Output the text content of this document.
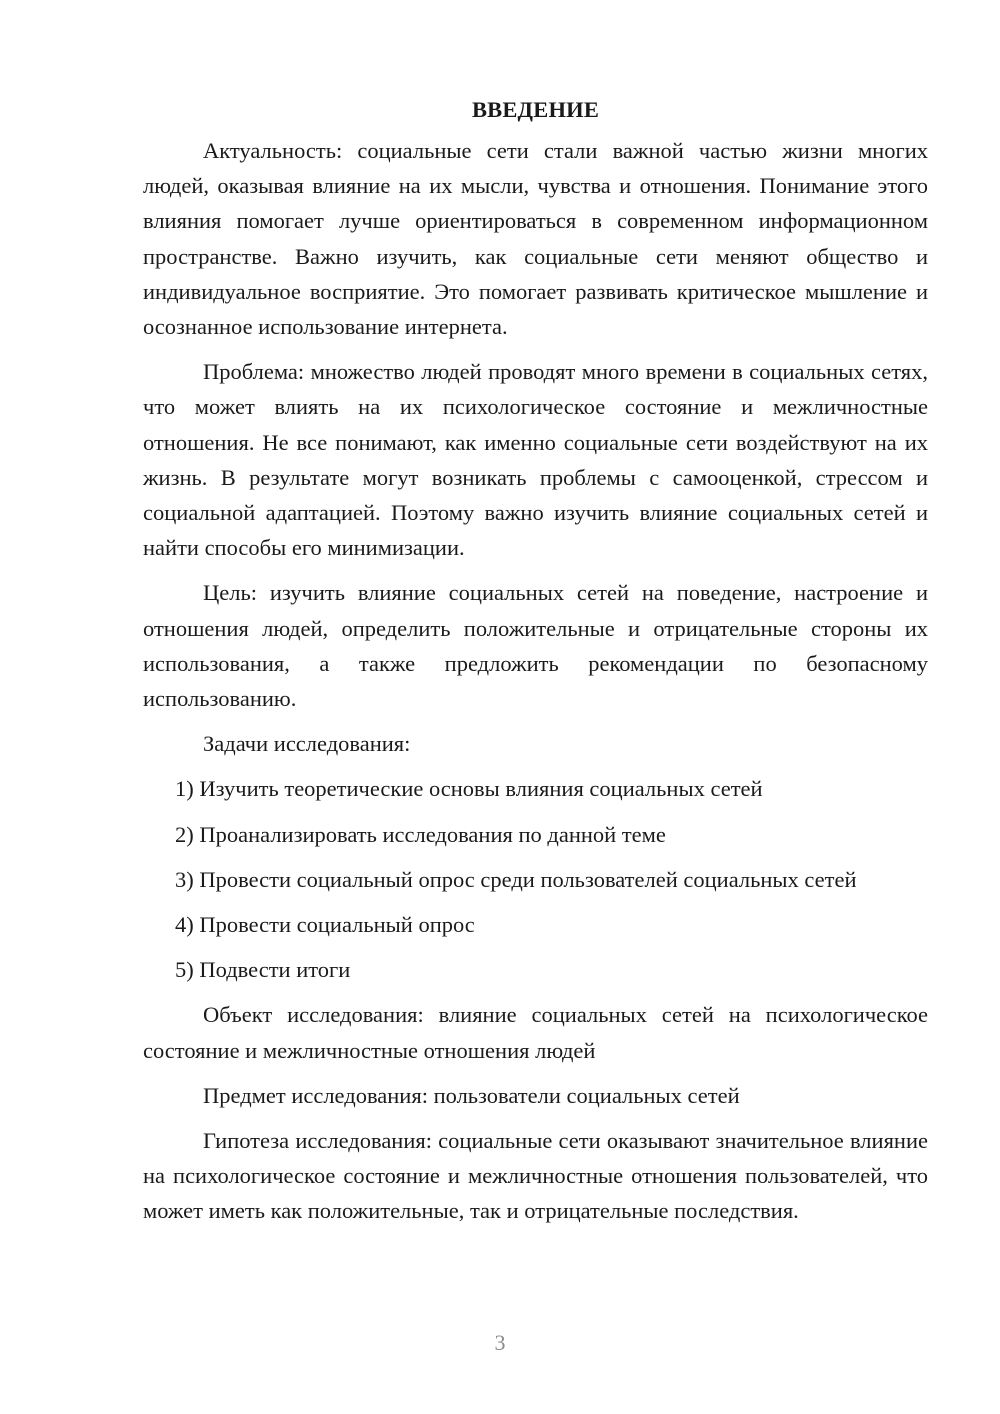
ВВЕДЕНИЕ

Актуальность: социальные сети стали важной частью жизни многих людей, оказывая влияние на их мысли, чувства и отношения. Понимание этого влияния помогает лучше ориентироваться в современном информационном пространстве. Важно изучить, как социальные сети меняют общество и индивидуальное восприятие. Это помогает развивать критическое мышление и осознанное использование интернета.

Проблема: множество людей проводят много времени в социальных сетях, что может влиять на их психологическое состояние и межличностные отношения. Не все понимают, как именно социальные сети воздействуют на их жизнь. В результате могут возникать проблемы с самооценкой, стрессом и социальной адаптацией. Поэтому важно изучить влияние социальных сетей и найти способы его минимизации.

Цель: изучить влияние социальных сетей на поведение, настроение и отношения людей, определить положительные и отрицательные стороны их использования, а также предложить рекомендации по безопасному использованию.

Задачи исследования:

1) Изучить теоретические основы влияния социальных сетей
2) Проанализировать исследования по данной теме
3) Провести социальный опрос среди пользователей социальных сетей
4) Провести социальный опрос
5) Подвести итоги

Объект исследования: влияние социальных сетей на психологическое состояние и межличностные отношения людей

Предмет исследования: пользователи социальных сетей

Гипотеза исследования: социальные сети оказывают значительное влияние на психологическое состояние и межличностные отношения пользователей, что может иметь как положительные, так и отрицательные последствия.

3
